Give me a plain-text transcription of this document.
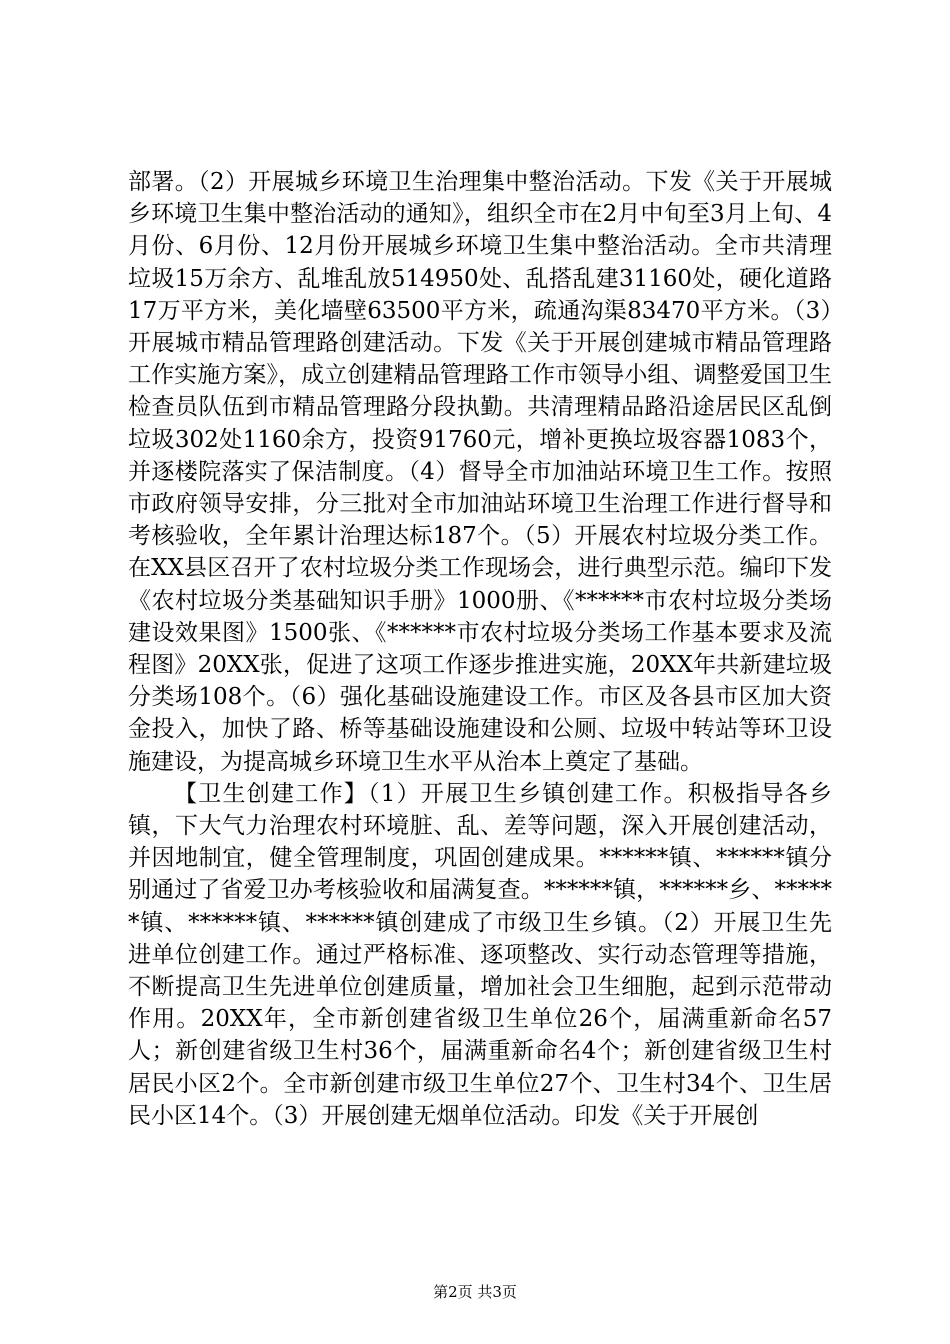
部署。（2）开展城乡环境卫生治理集中整治活动。下发《关于开展城乡环境卫生集中整治活动的通知》，组织全市在2月中旬至3月上旬、4月份、6月份、12月份开展城乡环境卫生集中整治活动。全市共清理垃圾15万余方、乱堆乱放514950处、乱搭乱建31160处，硬化道路17万平方米，美化墙壁63500平方米，疏通沟渠83470平方米。（3）开展城市精品管理路创建活动。下发《关于开展创建城市精品管理路工作实施方案》，成立创建精品管理路工作市领导小组、调整爱国卫生检查员队伍到市精品管理路分段执勤。共清理精品路沿途居民区乱倒垃圾302处1160余方，投资91760元，增补更换垃圾容器1083个，并逐楼院落实了保洁制度。（4）督导全市加油站环境卫生工作。按照市政府领导安排，分三批对全市加油站环境卫生治理工作进行督导和考核验收，全年累计治理达标187个。（5）开展农村垃圾分类工作。在XX县区召开了农村垃圾分类工作现场会，进行典型示范。编印下发《农村垃圾分类基础知识手册》1000册、《******市农村垃圾分类场建设效果图》1500张、《******市农村垃圾分类场工作基本要求及流程图》20XX张，促进了这项工作逐步推进实施，20XX年共新建垃圾分类场108个。（6）强化基础设施建设工作。市区及各县市区加大资金投入，加快了路、桥等基础设施建设和公厕、垃圾中转站等环卫设施建设，为提高城乡环境卫生水平从治本上奠定了基础。

【卫生创建工作】（1）开展卫生乡镇创建工作。积极指导各乡镇，下大气力治理农村环境脏、乱、差等问题，深入开展创建活动，并因地制宜，健全管理制度，巩固创建成果。******镇、******镇分别通过了省爱卫办考核验收和届满复查。******镇，******乡、******镇、******镇、******镇创建成了市级卫生乡镇。（2）开展卫生先进单位创建工作。通过严格标准、逐项整改、实行动态管理等措施，不断提高卫生先进单位创建质量，增加社会卫生细胞，起到示范带动作用。20XX年，全市新创建省级卫生单位26个，届满重新命名57人；新创建省级卫生村36个，届满重新命名4个；新创建省级卫生村居民小区2个。全市新创建市级卫生单位27个、卫生村34个、卫生居民小区14个。（3）开展创建无烟单位活动。印发《关于开展创

第2页 共3页
